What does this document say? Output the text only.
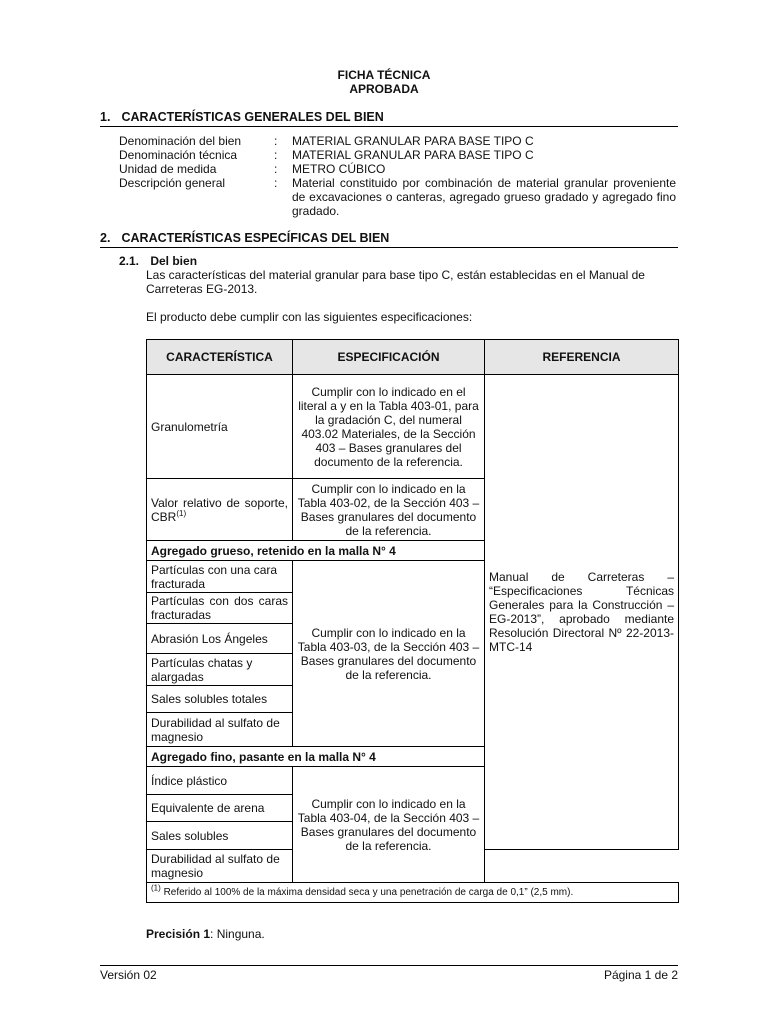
FICHA TÉCNICA
APROBADA
1. CARACTERÍSTICAS GENERALES DEL BIEN
Denominación del bien	: MATERIAL GRANULAR PARA BASE TIPO C
Denominación técnica	: MATERIAL GRANULAR PARA BASE TIPO C
Unidad de medida	: METRO CÚBICO
Descripción general	: Material constituido por combinación de material granular proveniente de excavaciones o canteras, agregado grueso gradado y agregado fino gradado.
2. CARACTERÍSTICAS ESPECÍFICAS DEL BIEN
2.1. Del bien
Las características del material granular para base tipo C, están establecidas en el Manual de Carreteras EG-2013.
El producto debe cumplir con las siguientes especificaciones:
CARACTERÍSTICA	ESPECIFICACIÓN	REFERENCIA
Granulometría	Cumplir con lo indicado en el literal a y en la Tabla 403-01, para la gradación C, del numeral 403.02 Materiales, de la Sección 403 – Bases granulares del documento de la referencia.	Manual de Carreteras – “Especificaciones Técnicas Generales para la Construcción – EG-2013”, aprobado mediante Resolución Directoral Nº 22-2013-MTC-14
Valor relativo de soporte, CBR$^{(1)}$	Cumplir con lo indicado en la Tabla 403-02, de la Sección 403 – Bases granulares del documento de la referencia.	
Agregado grueso, retenido en la malla N° 4		
Partículas con una cara fracturada	Cumplir con lo indicado en la Tabla 403-03, de la Sección 403 – Bases granulares del documento de la referencia.	
Partículas con dos caras fracturadas		
Abrasión Los Ángeles		
Partículas chatas y alargadas		
Sales solubles totales		
Durabilidad al sulfato de magnesio		
Agregado fino, pasante en la malla N° 4		
Índice plástico	Cumplir con lo indicado en la Tabla 403-04, de la Sección 403 – Bases granulares del documento de la referencia.	
Equivalente de arena		
Sales solubles		
Durabilidad al sulfato de magnesio		
$^{(1)}$ Referido al 100% de la máxima densidad seca y una penetración de carga de 0,1” (2,5 mm).		
Precisión 1: Ninguna.
Versión 02	Página 1 de 2
